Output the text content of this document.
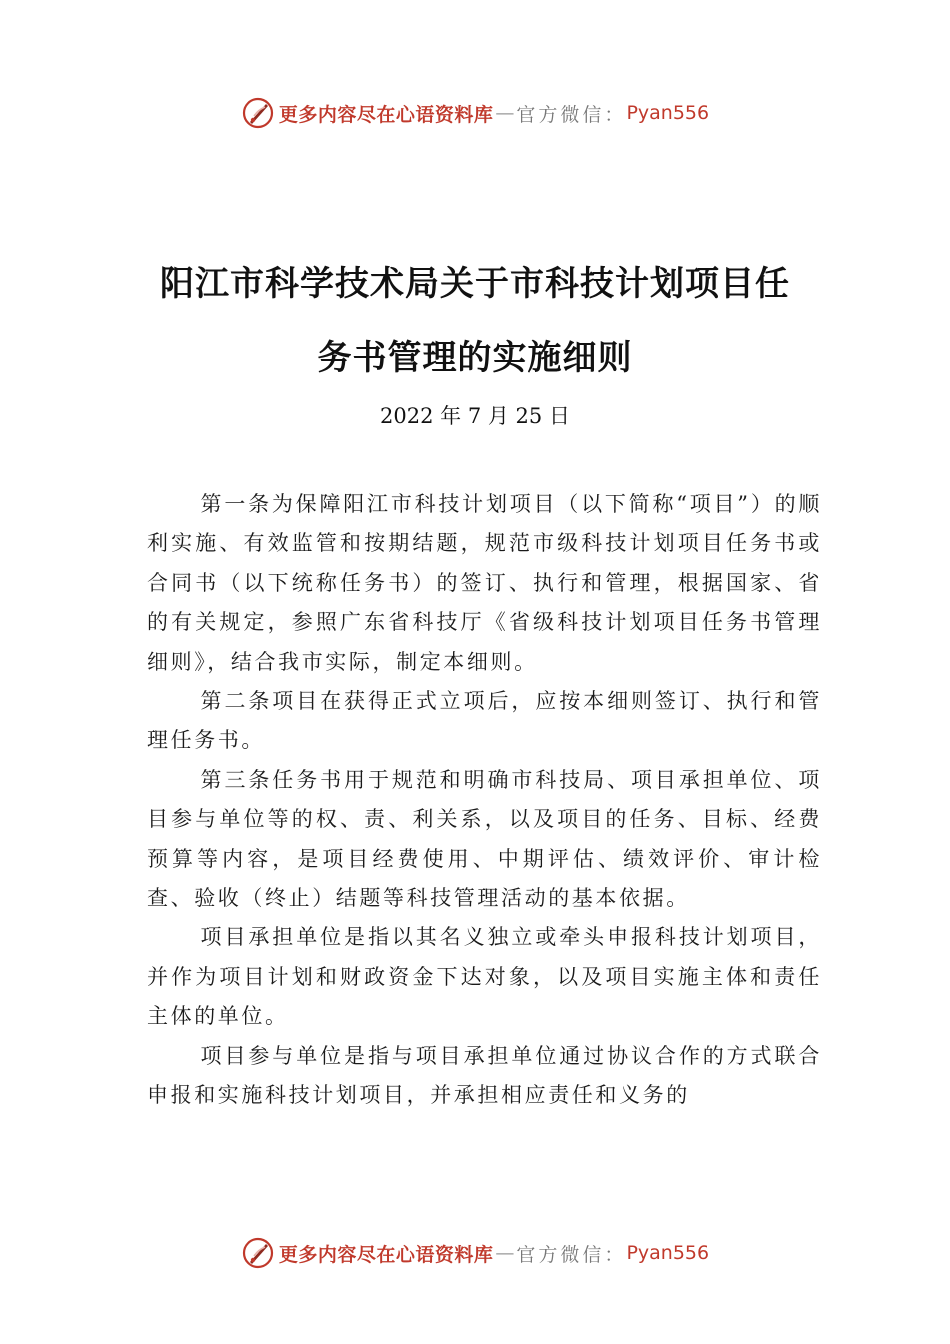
更多内容尽在心语资料库 — 官方微信： Pyan556
阳江市科学技术局关于市科技计划项目任
务书管理的实施细则
2022 年 7 月 25 日

第一条为保障阳江市科技计划项目（以下简称“项目”）的顺利实施、有效监管和按期结题，规范市级科技计划项目任务书或合同书（以下统称任务书）的签订、执行和管理，根据国家、省的有关规定，参照广东省科技厅《省级科技计划项目任务书管理细则》，结合我市实际，制定本细则。

第二条项目在获得正式立项后，应按本细则签订、执行和管理任务书。

第三条任务书用于规范和明确市科技局、项目承担单位、项目参与单位等的权、责、利关系，以及项目的任务、目标、经费预算等内容，是项目经费使用、中期评估、绩效评价、审计检查、验收（终止）结题等科技管理活动的基本依据。

项目承担单位是指以其名义独立或牵头申报科技计划项目，并作为项目计划和财政资金下达对象，以及项目实施主体和责任主体的单位。

项目参与单位是指与项目承担单位通过协议合作的方式联合申报和实施科技计划项目，并承担相应责任和义务的

更多内容尽在心语资料库 — 官方微信： Pyan556
